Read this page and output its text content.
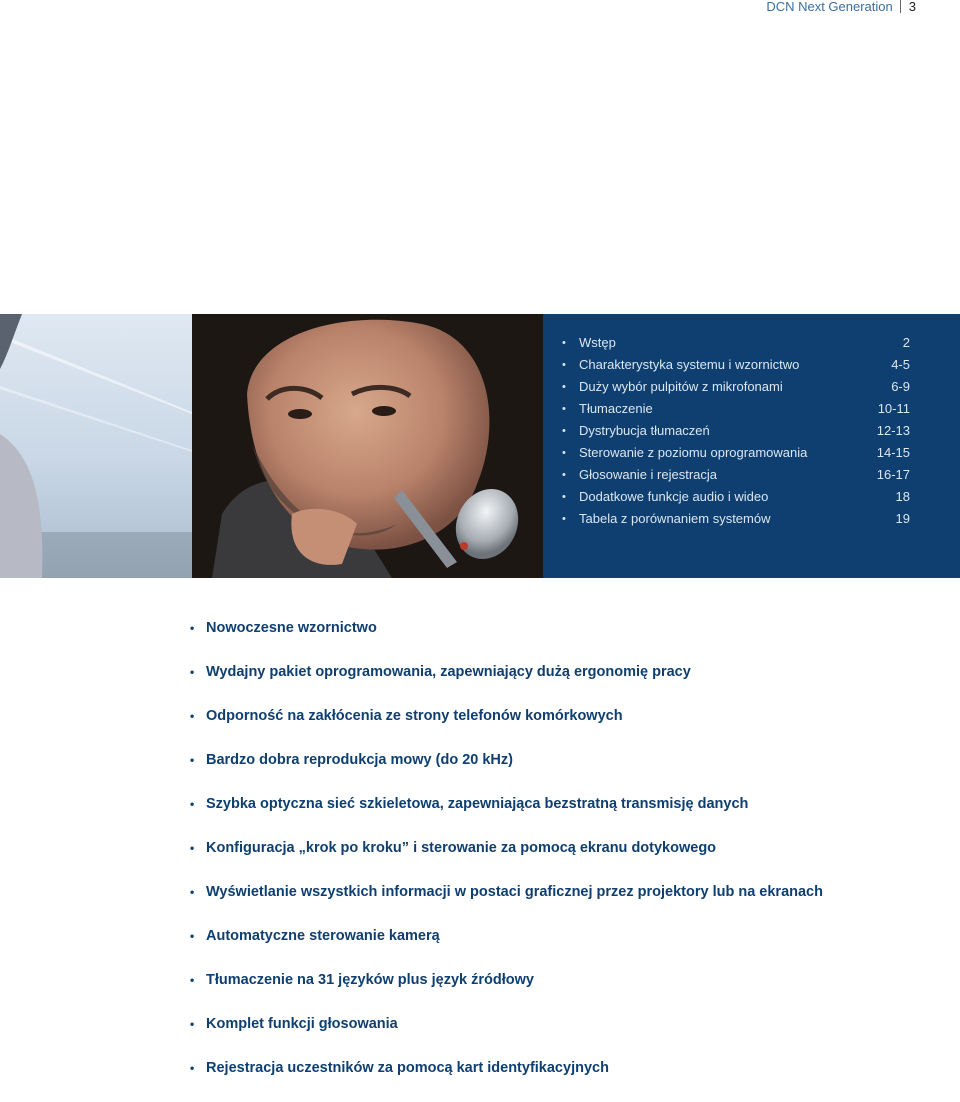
DCN Next Generation 3
• Wstęp	2
• Charakterystyka systemu i wzornictwo	4-5
• Duży wybór pulpitów z mikrofonami	6-9
• Tłumaczenie	10-11
• Dystrybucja tłumaczeń	12-13
• Sterowanie z poziomu oprogramowania	14-15
• Głosowanie i rejestracja	16-17
• Dodatkowe funkcje audio i wideo	18
• Tabela z porównaniem systemów	19
• Nowoczesne wzornictwo
• Wydajny pakiet oprogramowania, zapewniający dużą ergonomię pracy
• Odporność na zakłócenia ze strony telefonów komórkowych
• Bardzo dobra reprodukcja mowy (do 20 kHz)
• Szybka optyczna sieć szkieletowa, zapewniająca bezstratną transmisję danych
• Konfiguracja „krok po kroku” i sterowanie za pomocą ekranu dotykowego
• Wyświetlanie wszystkich informacji w postaci graficznej przez projektory lub na ekranach
• Automatyczne sterowanie kamerą
• Tłumaczenie na 31 języków plus język źródłowy
• Komplet funkcji głosowania
• Rejestracja uczestników za pomocą kart identyfikacyjnych
